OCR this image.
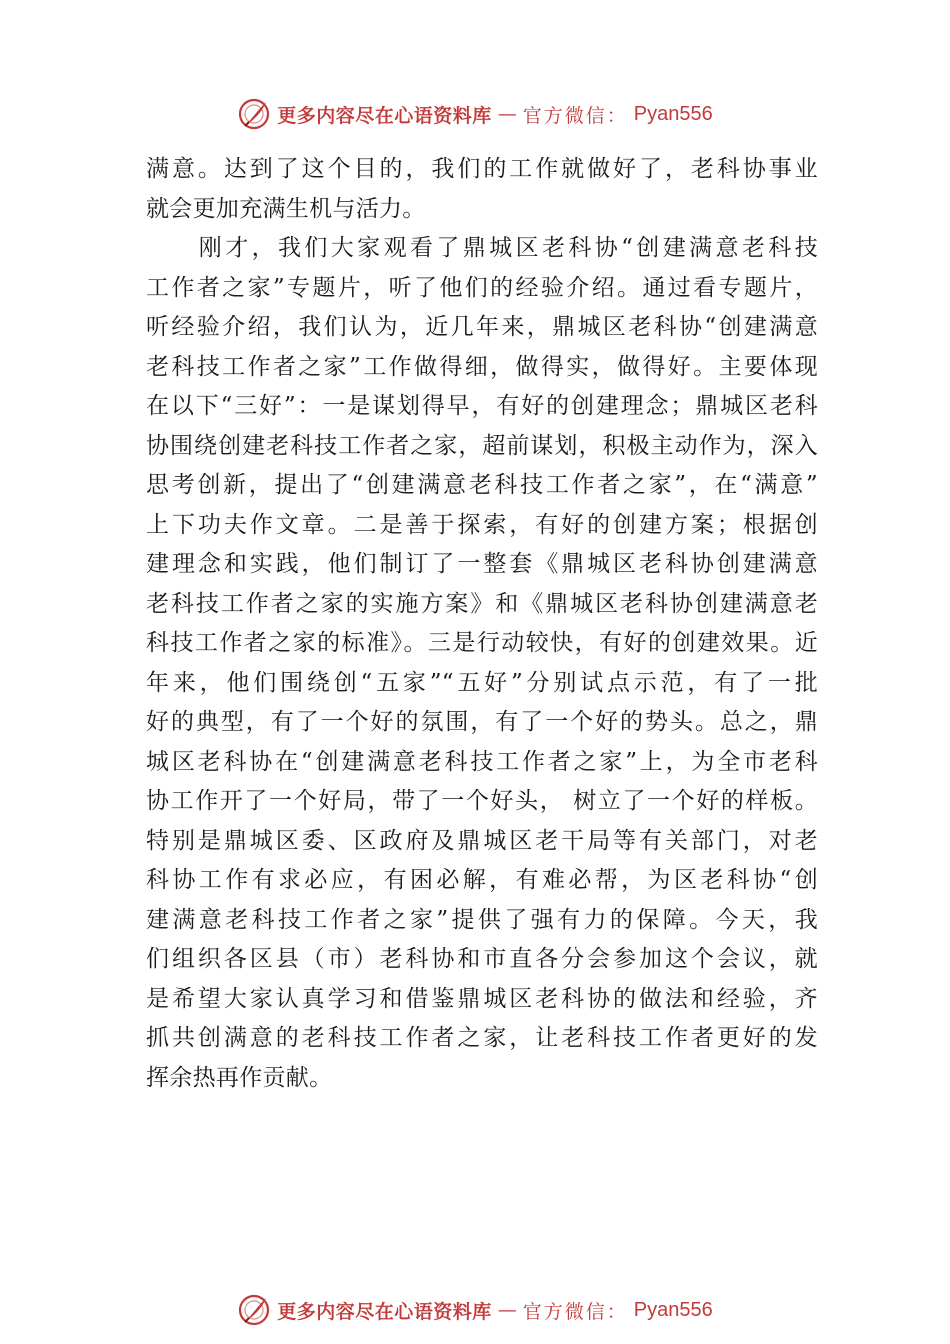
更多内容尽在心语资料库 — 官方微信： Pyan556
满意。达到了这个目的，我们的工作就做好了，老科协事业
就会更加充满生机与活力。
　　刚才，我们大家观看了鼎城区老科协“创建满意老科技
工作者之家”专题片，听了他们的经验介绍。通过看专题片，
听经验介绍，我们认为，近几年来，鼎城区老科协“创建满意
老科技工作者之家”工作做得细，做得实，做得好。主要体现
在以下“三好”：一是谋划得早，有好的创建理念；鼎城区老科
协围绕创建老科技工作者之家，超前谋划，积极主动作为，深入
思考创新，提出了“创建满意老科技工作者之家”，在“满意”
上下功夫作文章。二是善于探索，有好的创建方案；根据创
建理念和实践，他们制订了一整套《鼎城区老科协创建满意
老科技工作者之家的实施方案》和《鼎城区老科协创建满意老
科技工作者之家的标准》。三是行动较快，有好的创建效果。近
年来，他们围绕创“五家”“五好”分别试点示范，有了一批
好的典型，有了一个好的氛围，有了一个好的势头。总之，鼎
城区老科协在“创建满意老科技工作者之家”上，为全市老科
协工作开了一个好局，带了一个好头， 树立了一个好的样板。
特别是鼎城区委、区政府及鼎城区老干局等有关部门，对老
科协工作有求必应，有困必解，有难必帮，为区老科协“创
建满意老科技工作者之家”提供了强有力的保障。今天，我
们组织各区县（市）老科协和市直各分会参加这个会议，就
是希望大家认真学习和借鉴鼎城区老科协的做法和经验，齐
抓共创满意的老科技工作者之家，让老科技工作者更好的发
挥余热再作贡献。
更多内容尽在心语资料库 — 官方微信： Pyan556
